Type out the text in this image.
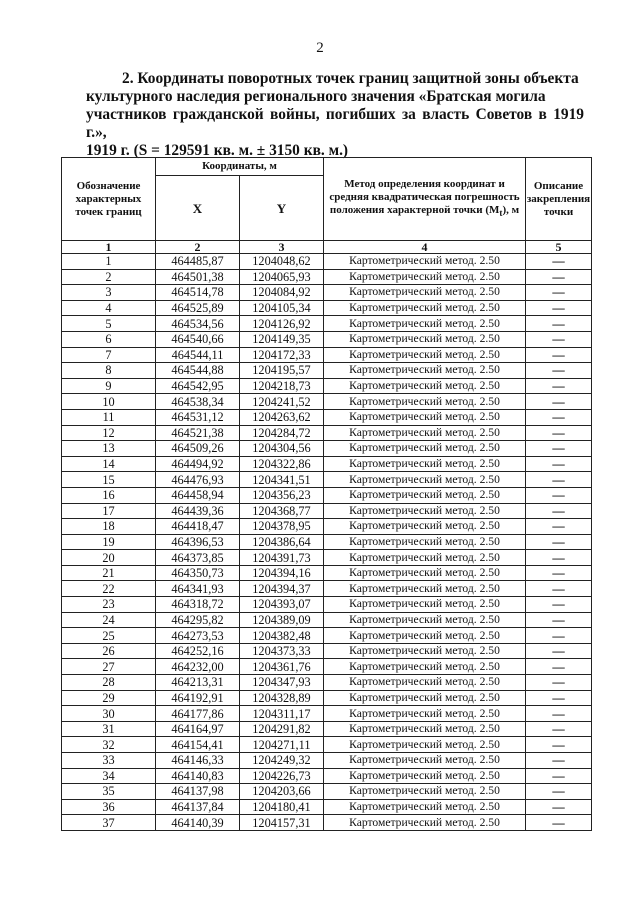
2
2. Координаты поворотных точек границ защитной зоны объекта
культурного наследия регионального значения «Братская могила
участников гражданской войны, погибших за власть Советов в 1919 г.»,
1919 г. (S = 129591 кв. м. ± 3150 кв. м.)
Обозначение характерных точек границ	Координаты, м		Метод определения координат и средняя квадратическая погрешность положения характерной точки $(M_t)$, м	Описание закрепления точки
	X	Y		
1	2	3	4	5
1	464485,87	1204048,62	Картометрический метод. 2.50	—
2	464501,38	1204065,93	Картометрический метод. 2.50	—
3	464514,78	1204084,92	Картометрический метод. 2.50	—
4	464525,89	1204105,34	Картометрический метод. 2.50	—
5	464534,56	1204126,92	Картометрический метод. 2.50	—
6	464540,66	1204149,35	Картометрический метод. 2.50	—
7	464544,11	1204172,33	Картометрический метод. 2.50	—
8	464544,88	1204195,57	Картометрический метод. 2.50	—
9	464542,95	1204218,73	Картометрический метод. 2.50	—
10	464538,34	1204241,52	Картометрический метод. 2.50	—
11	464531,12	1204263,62	Картометрический метод. 2.50	—
12	464521,38	1204284,72	Картометрический метод. 2.50	—
13	464509,26	1204304,56	Картометрический метод. 2.50	—
14	464494,92	1204322,86	Картометрический метод. 2.50	—
15	464476,93	1204341,51	Картометрический метод. 2.50	—
16	464458,94	1204356,23	Картометрический метод. 2.50	—
17	464439,36	1204368,77	Картометрический метод. 2.50	—
18	464418,47	1204378,95	Картометрический метод. 2.50	—
19	464396,53	1204386,64	Картометрический метод. 2.50	—
20	464373,85	1204391,73	Картометрический метод. 2.50	—
21	464350,73	1204394,16	Картометрический метод. 2.50	—
22	464341,93	1204394,37	Картометрический метод. 2.50	—
23	464318,72	1204393,07	Картометрический метод. 2.50	—
24	464295,82	1204389,09	Картометрический метод. 2.50	—
25	464273,53	1204382,48	Картометрический метод. 2.50	—
26	464252,16	1204373,33	Картометрический метод. 2.50	—
27	464232,00	1204361,76	Картометрический метод. 2.50	—
28	464213,31	1204347,93	Картометрический метод. 2.50	—
29	464192,91	1204328,89	Картометрический метод. 2.50	—
30	464177,86	1204311,17	Картометрический метод. 2.50	—
31	464164,97	1204291,82	Картометрический метод. 2.50	—
32	464154,41	1204271,11	Картометрический метод. 2.50	—
33	464146,33	1204249,32	Картометрический метод. 2.50	—
34	464140,83	1204226,73	Картометрический метод. 2.50	—
35	464137,98	1204203,66	Картометрический метод. 2.50	—
36	464137,84	1204180,41	Картометрический метод. 2.50	—
37	464140,39	1204157,31	Картометрический метод. 2.50	—
